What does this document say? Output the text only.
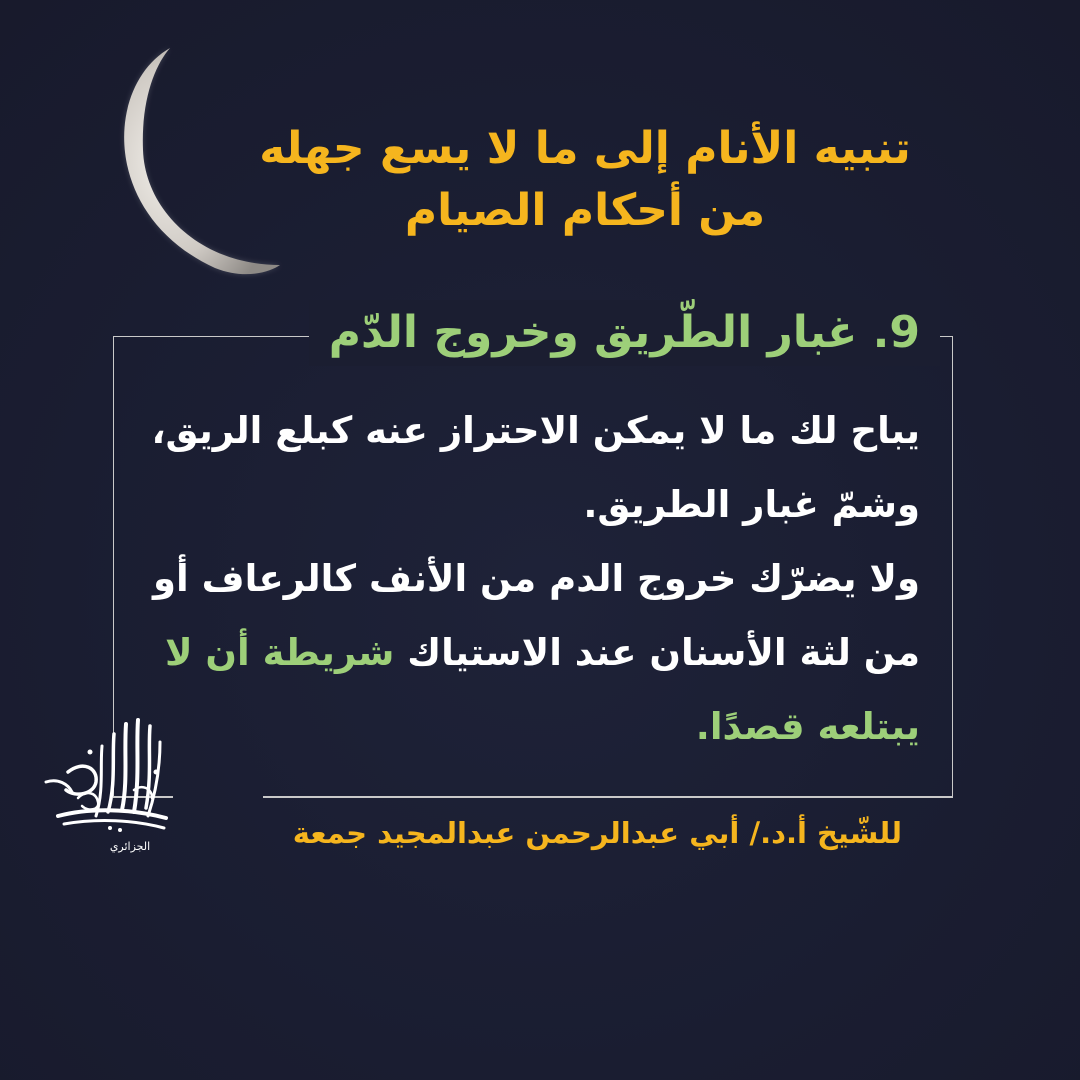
تنبيه الأنام إلى ما لا يسع جهله
من أحكام الصيام
9. غبار الطّريق وخروج الدّم

يباح لك ما لا يمكن الاحتراز عنه كبلع الريق، وشمّ غبار الطريق.

ولا يضرّك خروج الدم من الأنف كالرعاف أو من لثة الأسنان عند الاستياك شريطة أن لا يبتلعه قصدًا.

الجزائري	للشّيخ أ.د./ أبي عبدالرحمن عبدالمجيد جمعة
